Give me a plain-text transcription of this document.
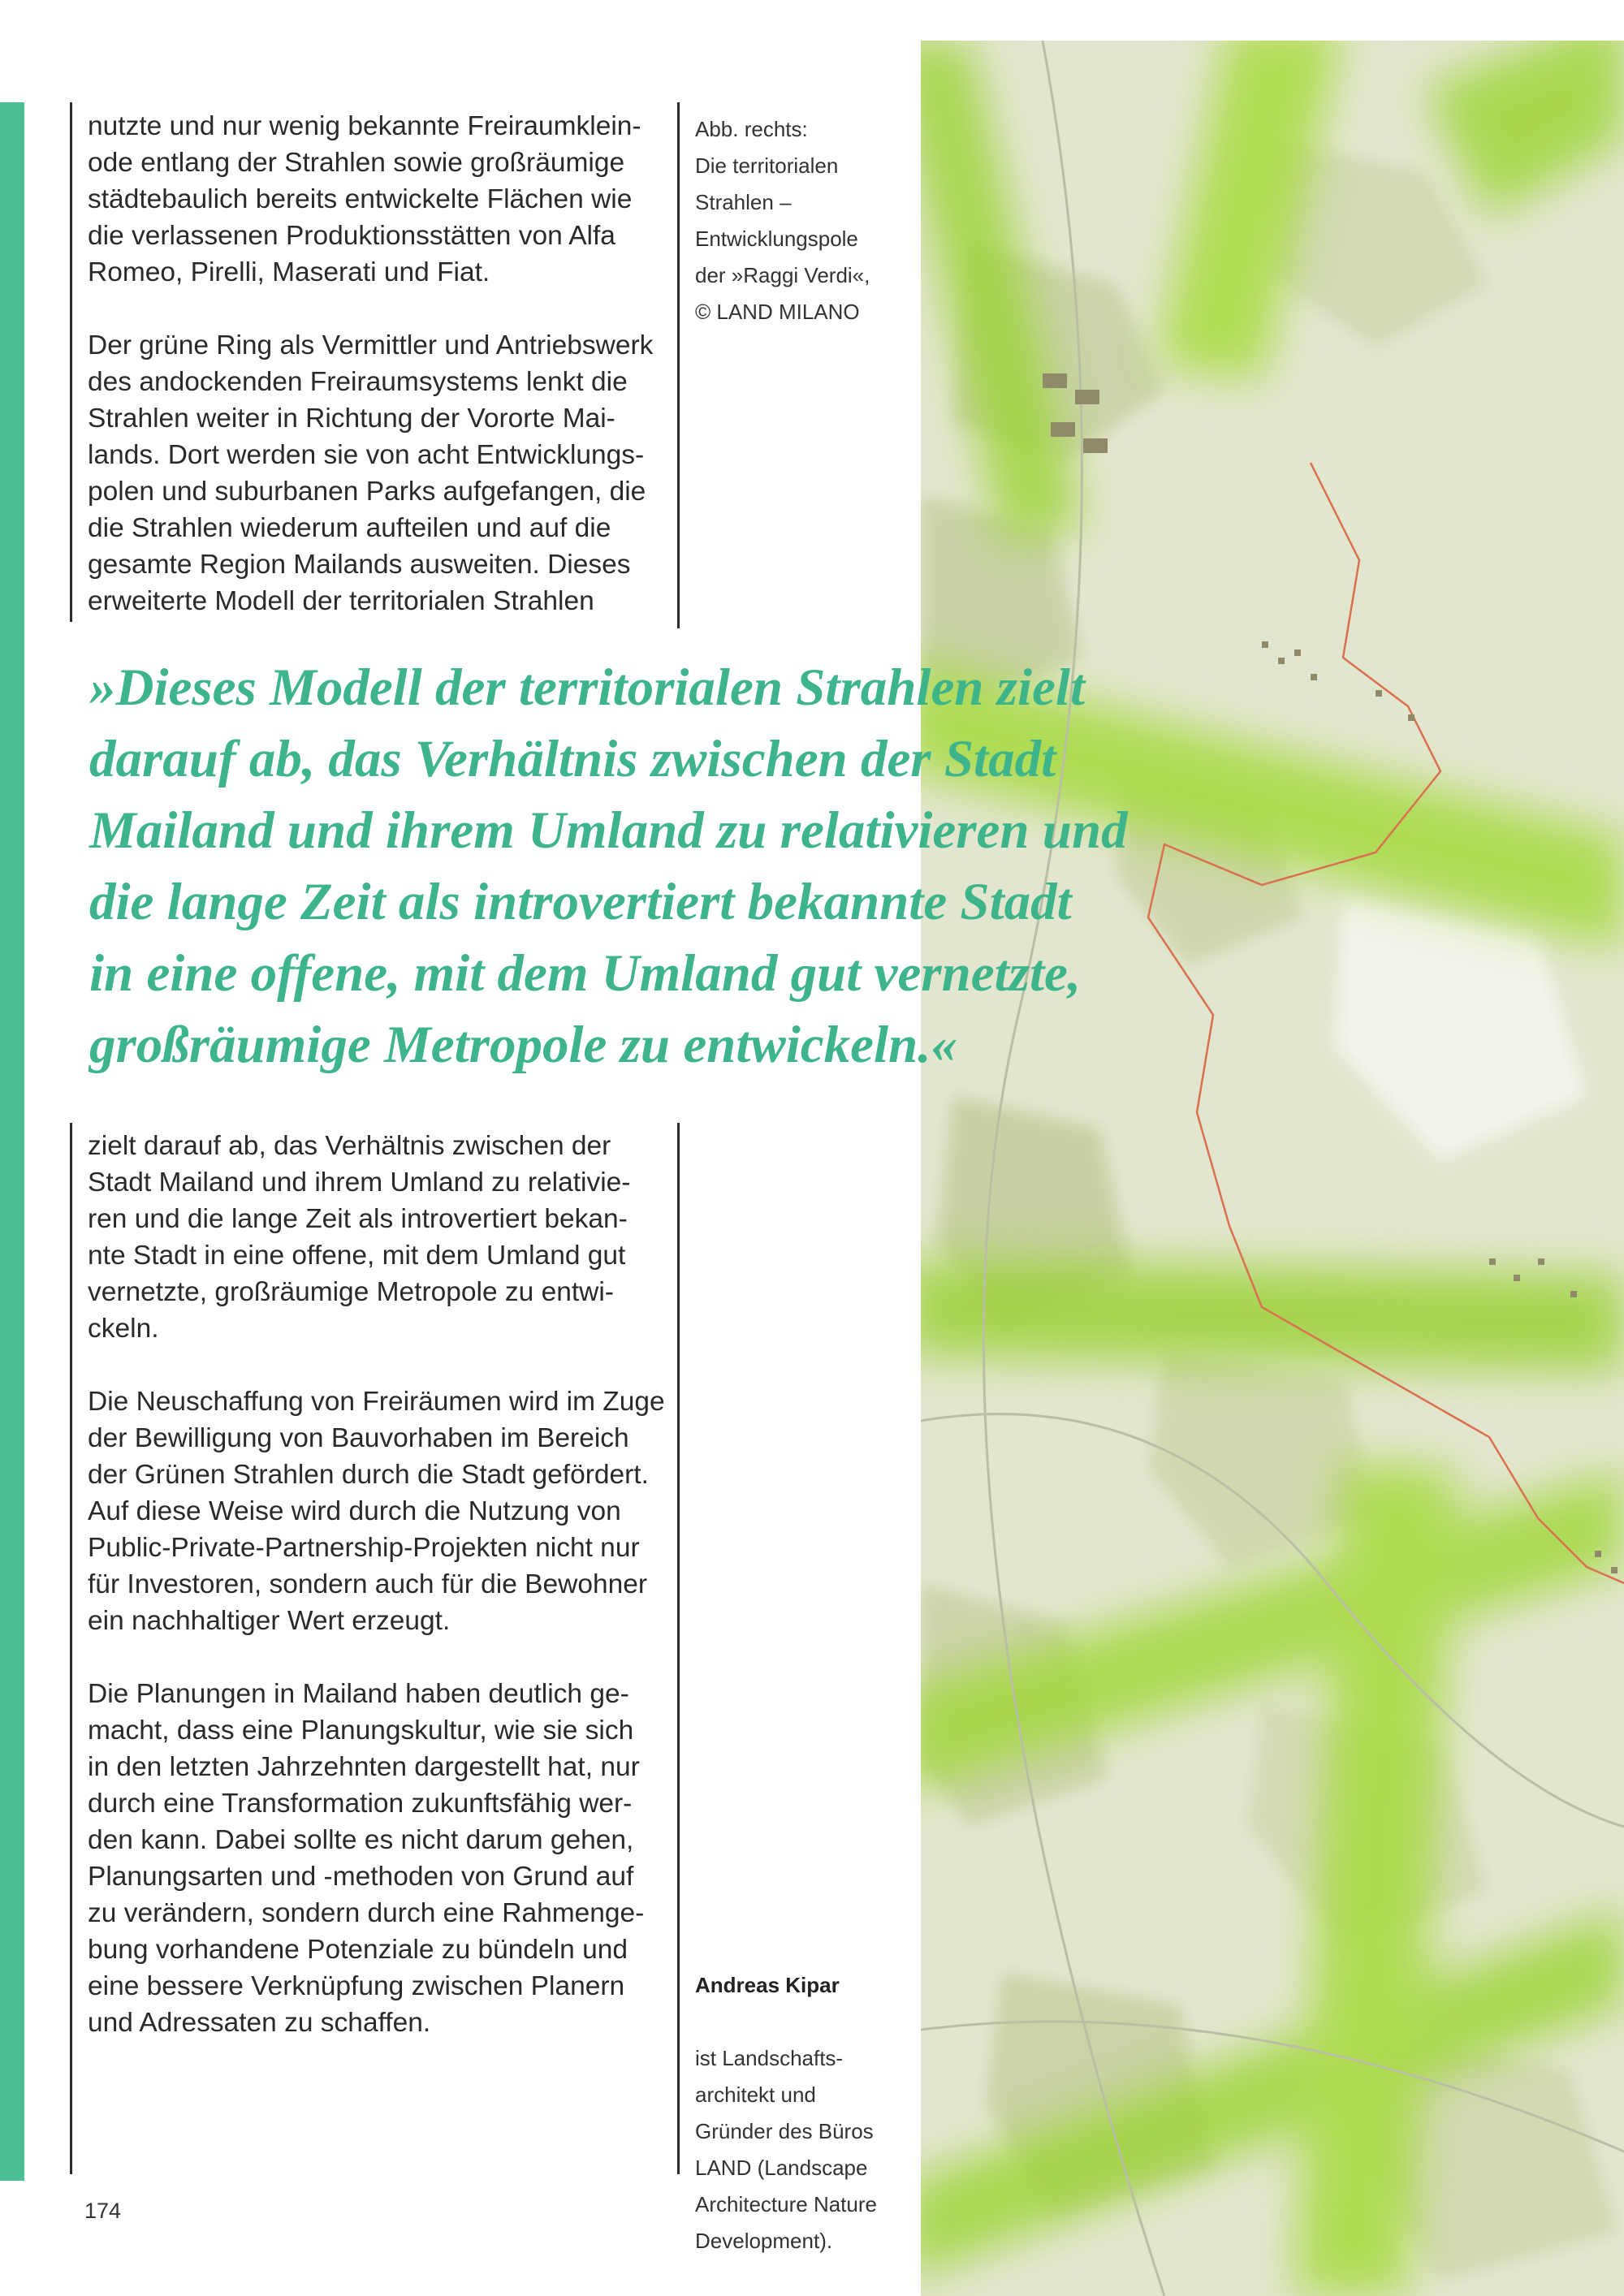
nutzte und nur wenig bekannte Freiraumklein-
ode entlang der Strahlen sowie großräumige
städtebaulich bereits entwickelte Flächen wie
die verlassenen Produktionsstätten von Alfa
Romeo, Pirelli, Maserati und Fiat.

Der grüne Ring als Vermittler und Antriebswerk
des andockenden Freiraumsystems lenkt die
Strahlen weiter in Richtung der Vororte Mai-
lands. Dort werden sie von acht Entwicklungs-
polen und suburbanen Parks aufgefangen, die
die Strahlen wiederum aufteilen und auf die
gesamte Region Mailands ausweiten. Dieses
erweiterte Modell der territorialen Strahlen

Abb. rechts:
Die territorialen
Strahlen –
Entwicklungspole
der »Raggi Verdi«,
© LAND MILANO
»Dieses Modell der territorialen Strahlen zielt
darauf ab, das Verhältnis zwischen der Stadt
Mailand und ihrem Umland zu relativieren und
die lange Zeit als introvertiert bekannte Stadt
in eine offene, mit dem Umland gut vernetzte,
großräumige Metropole zu entwickeln.«

zielt darauf ab, das Verhältnis zwischen der
Stadt Mailand und ihrem Umland zu relativie-
ren und die lange Zeit als introvertiert bekan-
nte Stadt in eine offene, mit dem Umland gut
vernetzte, großräumige Metropole zu entwi-
ckeln.

Die Neuschaffung von Freiräumen wird im Zuge
der Bewilligung von Bauvorhaben im Bereich
der Grünen Strahlen durch die Stadt gefördert.
Auf diese Weise wird durch die Nutzung von
Public-Private-Partnership-Projekten nicht nur
für Investoren, sondern auch für die Bewohner
ein nachhaltiger Wert erzeugt.

Die Planungen in Mailand haben deutlich ge-
macht, dass eine Planungskultur, wie sie sich
in den letzten Jahrzehnten dargestellt hat, nur
durch eine Transformation zukunftsfähig wer-
den kann. Dabei sollte es nicht darum gehen,
Planungsarten und -methoden von Grund auf
zu verändern, sondern durch eine Rahmenge-
bung vorhandene Potenziale zu bündeln und
eine bessere Verknüpfung zwischen Planern
und Adressaten zu schaffen.

Andreas Kipar

ist Landschafts-
architekt und
Gründer des Büros
LAND (Landscape
Architecture Nature
Development).

174
